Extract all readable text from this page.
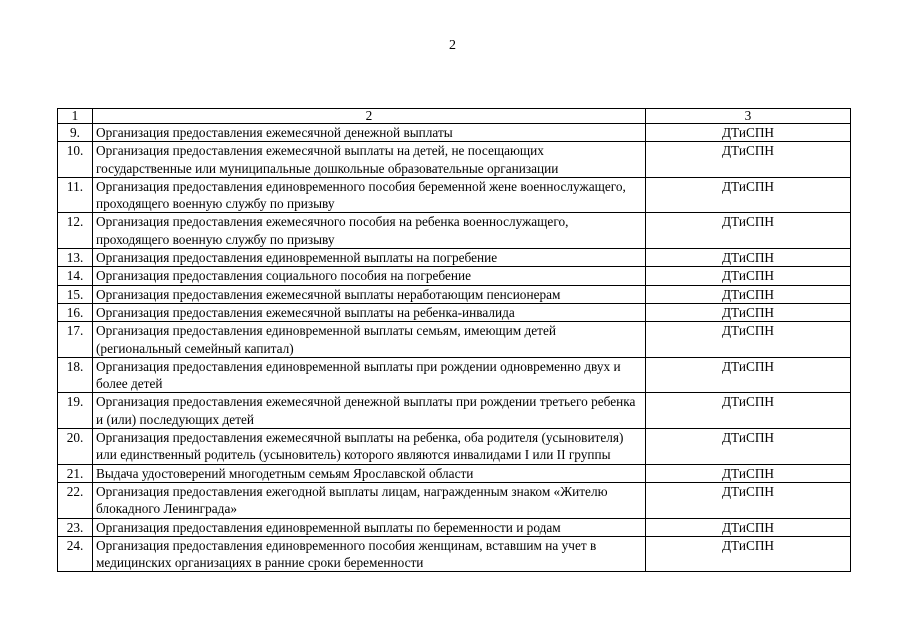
2
1	2	3
9.	Организация предоставления ежемесячной денежной выплаты	ДТиСПН
10.	Организация предоставления ежемесячной выплаты на детей, не посещающих государственные или муниципальные дошкольные образовательные организации	ДТиСПН
11.	Организация предоставления единовременного пособия беременной жене военнослужащего, проходящего военную службу по призыву	ДТиСПН
12.	Организация предоставления ежемесячного пособия на ребенка военнослужащего, проходящего военную службу по призыву	ДТиСПН
13.	Организация предоставления единовременной выплаты на погребение	ДТиСПН
14.	Организация предоставления социального пособия на погребение	ДТиСПН
15.	Организация предоставления ежемесячной выплаты неработающим пенсионерам	ДТиСПН
16.	Организация предоставления ежемесячной выплаты на ребенка-инвалида	ДТиСПН
17.	Организация предоставления единовременной выплаты семьям, имеющим детей (региональный семейный капитал)	ДТиСПН
18.	Организация предоставления единовременной выплаты при рождении одновременно двух и более детей	ДТиСПН
19.	Организация предоставления ежемесячной денежной выплаты при рождении третьего ребенка и (или) последующих детей	ДТиСПН
20.	Организация предоставления ежемесячной выплаты на ребенка, оба родителя (усыновителя) или единственный родитель (усыновитель) которого являются инвалидами I или II группы	ДТиСПН
21.	Выдача удостоверений многодетным семьям Ярославской области	ДТиСПН
22.	Организация предоставления ежегодной выплаты лицам, награжденным знаком «Жителю блокадного Ленинграда»	ДТиСПН
23.	Организация предоставления единовременной выплаты по беременности и родам	ДТиСПН
24.	Организация предоставления единовременного пособия женщинам, вставшим на учет в медицинских организациях в ранние сроки беременности	ДТиСПН
